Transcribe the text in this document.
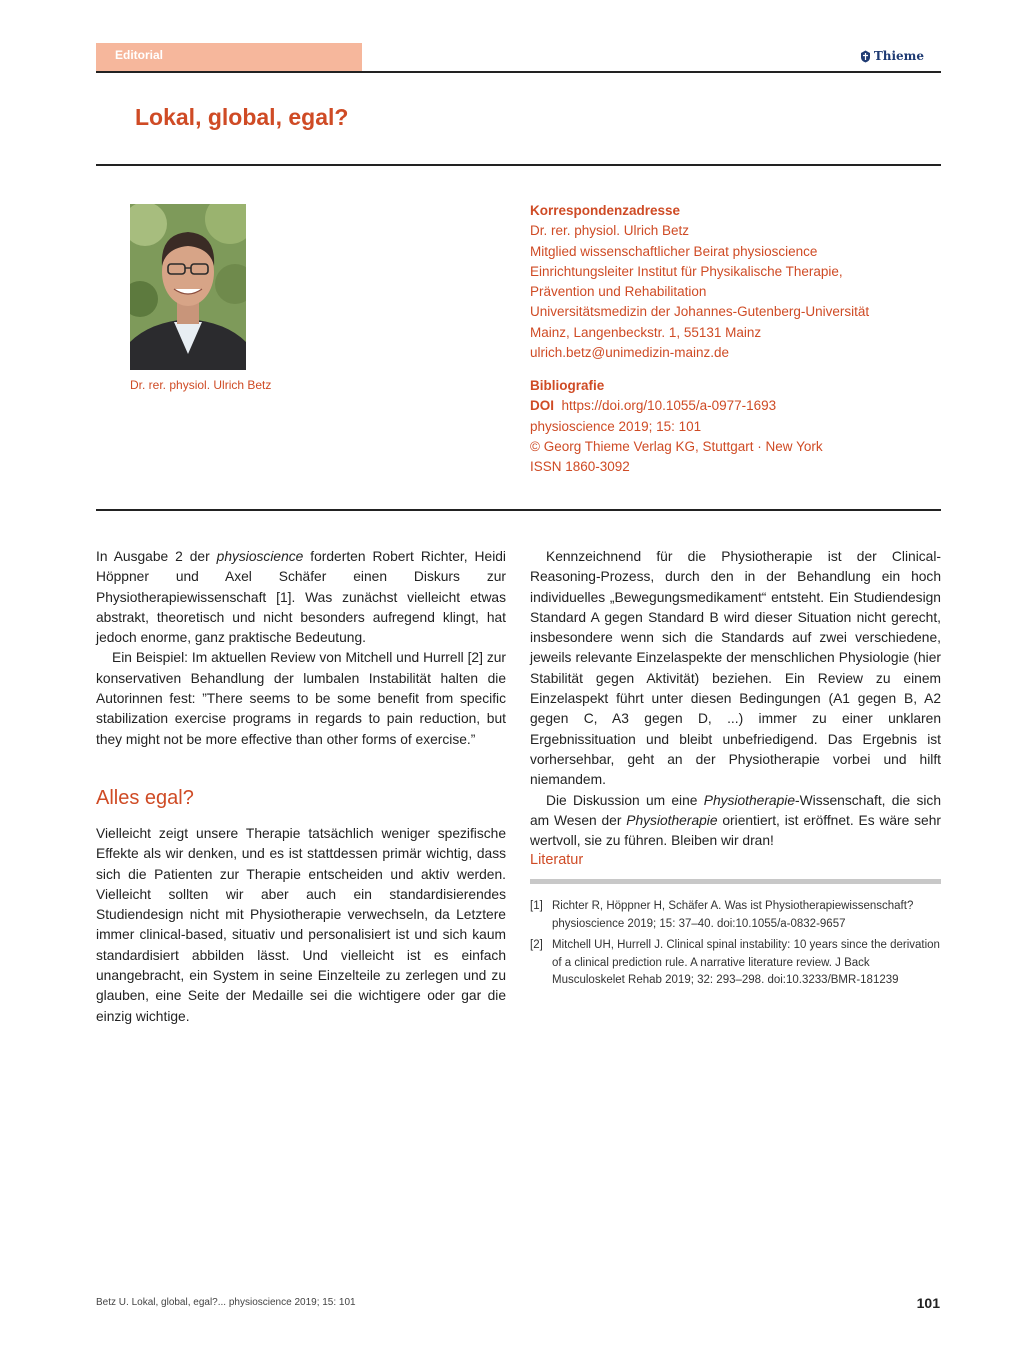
Editorial	Thieme
Lokal, global, egal?
Dr. rer. physiol. Ulrich Betz
Korrespondenzadresse
Dr. rer. physiol. Ulrich Betz
Mitglied wissenschaftlicher Beirat physioscience
Einrichtungsleiter Institut für Physikalische Therapie,
Prävention und Rehabilitation
Universitätsmedizin der Johannes-Gutenberg-Universität
Mainz, Langenbeckstr. 1, 55131 Mainz
ulrich.betz@unimedizin-mainz.de
Bibliografie
DOI https://doi.org/10.1055/a-0977-1693
physioscience 2019; 15: 101
© Georg Thieme Verlag KG, Stuttgart · New York
ISSN 1860-3092

In Ausgabe 2 der physioscience forderten Robert Richter, Heidi Höppner und Axel Schäfer einen Diskurs zur Physiotherapiewissenschaft [1]. Was zunächst vielleicht etwas abstrakt, theoretisch und nicht besonders aufregend klingt, hat jedoch enorme, ganz praktische Bedeutung.

Ein Beispiel: Im aktuellen Review von Mitchell und Hurrell [2] zur konservativen Behandlung der lumbalen Instabilität halten die Autorinnen fest: ”There seems to be some benefit from specific stabilization exercise programs in regards to pain reduction, but they might not be more effective than other forms of exercise.”

Alles egal?

Vielleicht zeigt unsere Therapie tatsächlich weniger spezifische Effekte als wir denken, und es ist stattdessen primär wichtig, dass sich die Patienten zur Therapie entscheiden und aktiv werden. Vielleicht sollten wir aber auch ein standardisierendes Studiendesign nicht mit Physiotherapie verwechseln, da Letztere immer clinical-based, situativ und personalisiert ist und sich kaum standardisiert abbilden lässt. Und vielleicht ist es einfach unangebracht, ein System in seine Einzelteile zu zerlegen und zu glauben, eine Seite der Medaille sei die wichtigere oder gar die einzig wichtige.

Kennzeichnend für die Physiotherapie ist der Clinical-Reasoning-Prozess, durch den in der Behandlung ein hoch individuelles „Bewegungsmedikament“ entsteht. Ein Studiendesign Standard A gegen Standard B wird dieser Situation nicht gerecht, insbesondere wenn sich die Standards auf zwei verschiedene, jeweils relevante Einzelaspekte der menschlichen Physiologie (hier Stabilität gegen Aktivität) beziehen. Ein Review zu einem Einzelaspekt führt unter diesen Bedingungen (A1 gegen B, A2 gegen C, A3 gegen D, ...) immer zu einer unklaren Ergebnissituation und bleibt unbefriedigend. Das Ergebnis ist vorhersehbar, geht an der Physiotherapie vorbei und hilft niemandem.

Die Diskussion um eine Physiotherapie-Wissenschaft, die sich am Wesen der Physiotherapie orientiert, ist eröffnet. Es wäre sehr wertvoll, sie zu führen. Bleiben wir dran!

Literatur
[1] Richter R, Höppner H, Schäfer A. Was ist Physiotherapiewissenschaft? physioscience 2019; 15: 37–40. doi:10.1055/a-0832-9657
[2] Mitchell UH, Hurrell J. Clinical spinal instability: 10 years since the derivation of a clinical prediction rule. A narrative literature review. J Back Musculoskelet Rehab 2019; 32: 293–298. doi:10.3233/BMR-181239
Betz U. Lokal, global, egal?... physioscience 2019; 15: 101	101
